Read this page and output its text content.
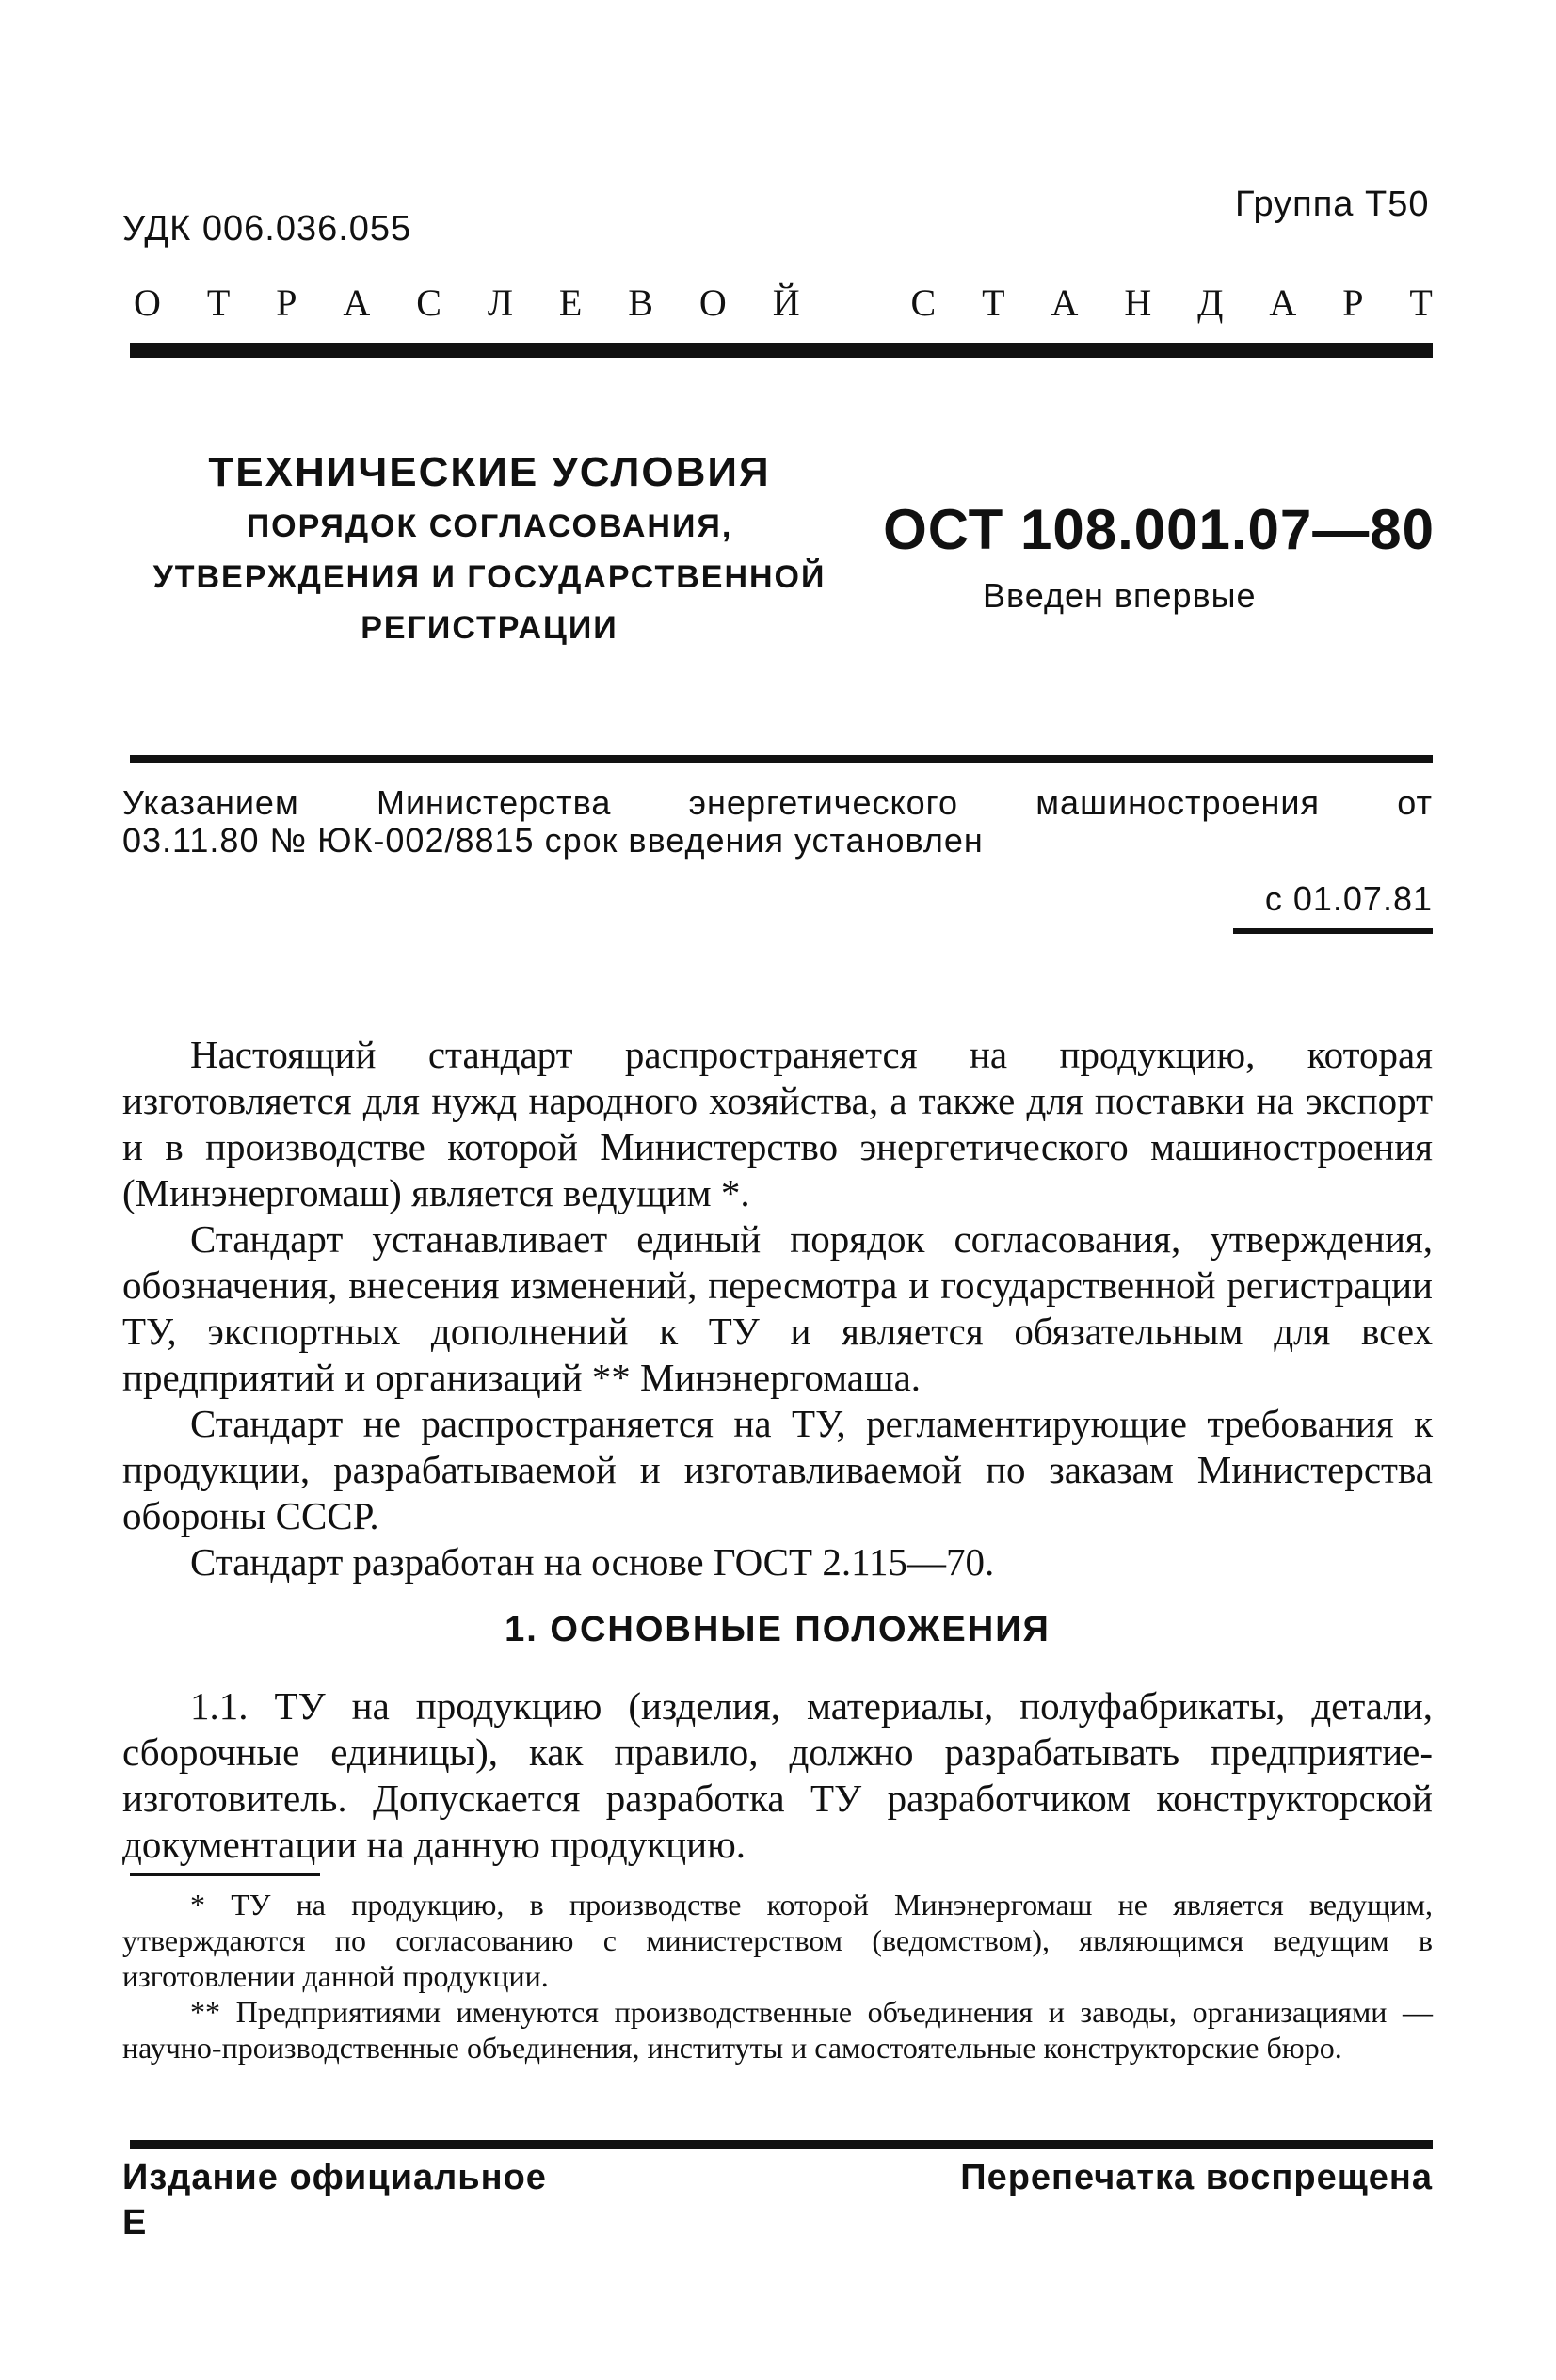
УДК 006.036.055
Группа Т50
О Т Р А С Л Е В О Й	С Т А Н Д А Р Т
ТЕХНИЧЕСКИЕ УСЛОВИЯ
ПОРЯДОК СОГЛАСОВАНИЯ,
УТВЕРЖДЕНИЯ И ГОСУДАРСТВЕННОЙ
РЕГИСТРАЦИИ
ОСТ 108.001.07—80
Введен впервые
Указанием Министерства энергетического машиностроения от
03.11.80 № ЮК-002/8815 срок введения установлен
с 01.07.81

Настоящий стандарт распространяется на продукцию, которая изготовляется для нужд народного хозяйства, а также для поставки на экспорт и в производстве которой Министерство энергетического машиностроения (Минэнергомаш) является ведущим *.

Стандарт устанавливает единый порядок согласования, утверждения, обозначения, внесения изменений, пересмотра и государственной регистрации ТУ, экспортных дополнений к ТУ и является обязательным для всех предприятий и организаций ** Минэнергомаша.

Стандарт не распространяется на ТУ, регламентирующие требования к продукции, разрабатываемой и изготавливаемой по заказам Министерства обороны СССР.

Стандарт разработан на основе ГОСТ 2.115—70.

1. ОСНОВНЫЕ ПОЛОЖЕНИЯ

1.1. ТУ на продукцию (изделия, материалы, полуфабрикаты, детали, сборочные единицы), как правило, должно разрабатывать предприятие-изготовитель. Допускается разработка ТУ разработчиком конструкторской документации на данную продукцию.

* ТУ на продукцию, в производстве которой Минэнергомаш не является ведущим, утверждаются по согласованию с министерством (ведомством), являющимся ведущим в изготовлении данной продукции.

** Предприятиями именуются производственные объединения и заводы, организациями — научно-производственные объединения, институты и самостоятельные конструкторские бюро.

Издание официальное
Е
Перепечатка воспрещена
